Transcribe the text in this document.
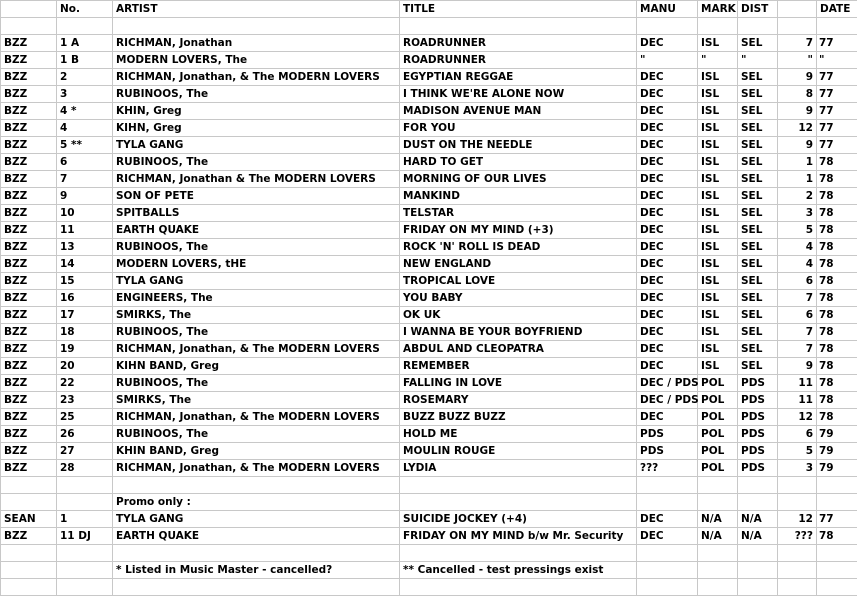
	No.	ARTIST	TITLE	MANU	MARK	DIST		DATE

BZZ	1 A	RICHMAN, Jonathan	ROADRUNNER	DEC	ISL	SEL	7	77
BZZ	1 B	MODERN LOVERS, The	ROADRUNNER	"	"	"	"	"
BZZ	2	RICHMAN, Jonathan, & The MODERN LOVERS	EGYPTIAN REGGAE	DEC	ISL	SEL	9	77
BZZ	3	RUBINOOS, The	I THINK WE'RE ALONE NOW	DEC	ISL	SEL	8	77
BZZ	4 *	KHIN, Greg	MADISON AVENUE MAN	DEC	ISL	SEL	9	77
BZZ	4	KIHN, Greg	FOR YOU	DEC	ISL	SEL	12	77
BZZ	5 **	TYLA GANG	DUST ON THE NEEDLE	DEC	ISL	SEL	9	77
BZZ	6	RUBINOOS, The	HARD TO GET	DEC	ISL	SEL	1	78
BZZ	7	RICHMAN, Jonathan & The MODERN LOVERS	MORNING OF OUR LIVES	DEC	ISL	SEL	1	78
BZZ	9	SON OF PETE	MANKIND	DEC	ISL	SEL	2	78
BZZ	10	SPITBALLS	TELSTAR	DEC	ISL	SEL	3	78
BZZ	11	EARTH QUAKE	FRIDAY ON MY MIND (+3)	DEC	ISL	SEL	5	78
BZZ	13	RUBINOOS, The	ROCK 'N' ROLL IS DEAD	DEC	ISL	SEL	4	78
BZZ	14	MODERN LOVERS, tHE	NEW ENGLAND	DEC	ISL	SEL	4	78
BZZ	15	TYLA GANG	TROPICAL LOVE	DEC	ISL	SEL	6	78
BZZ	16	ENGINEERS, The	YOU BABY	DEC	ISL	SEL	7	78
BZZ	17	SMIRKS, The	OK UK	DEC	ISL	SEL	6	78
BZZ	18	RUBINOOS, The	I WANNA BE YOUR BOYFRIEND	DEC	ISL	SEL	7	78
BZZ	19	RICHMAN, Jonathan, & The MODERN LOVERS	ABDUL AND CLEOPATRA	DEC	ISL	SEL	7	78
BZZ	20	KIHN BAND, Greg	REMEMBER	DEC	ISL	SEL	9	78
BZZ	22	RUBINOOS, The	FALLING IN LOVE	DEC / PDS	POL	PDS	11	78
BZZ	23	SMIRKS, The	ROSEMARY	DEC / PDS	POL	PDS	11	78
BZZ	25	RICHMAN, Jonathan, & The MODERN LOVERS	BUZZ BUZZ BUZZ	DEC	POL	PDS	12	78
BZZ	26	RUBINOOS, The	HOLD ME	PDS	POL	PDS	6	79
BZZ	27	KHIN BAND, Greg	MOULIN ROUGE	PDS	POL	PDS	5	79
BZZ	28	RICHMAN, Jonathan, & The MODERN LOVERS	LYDIA	???	POL	PDS	3	79

		Promo only :						
SEAN	1	TYLA GANG	SUICIDE JOCKEY (+4)	DEC	N/A	N/A	12	77
BZZ	11 DJ	EARTH QUAKE	FRIDAY ON MY MIND b/w Mr. Security	DEC	N/A	N/A	???	78

		* Listed in Music Master - cancelled?	** Cancelled - test pressings exist					
